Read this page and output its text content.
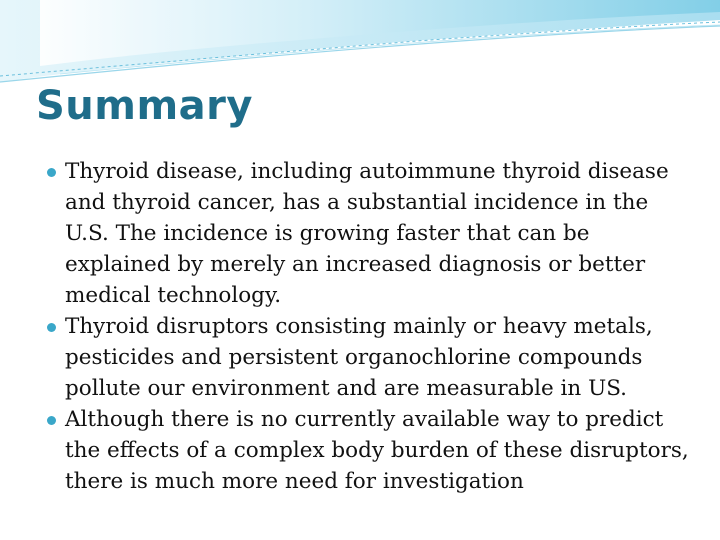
Summary
Thyroid disease, including autoimmune thyroid disease and thyroid cancer, has a substantial incidence in the U.S. The incidence is growing faster that can be explained by merely an increased diagnosis or better medical technology.
Thyroid disruptors consisting mainly or heavy metals, pesticides and persistent organochlorine compounds pollute our environment and are measurable in US.
Although there is no currently available way to predict the effects of a complex body burden of these disruptors, there is much more need for investigation
